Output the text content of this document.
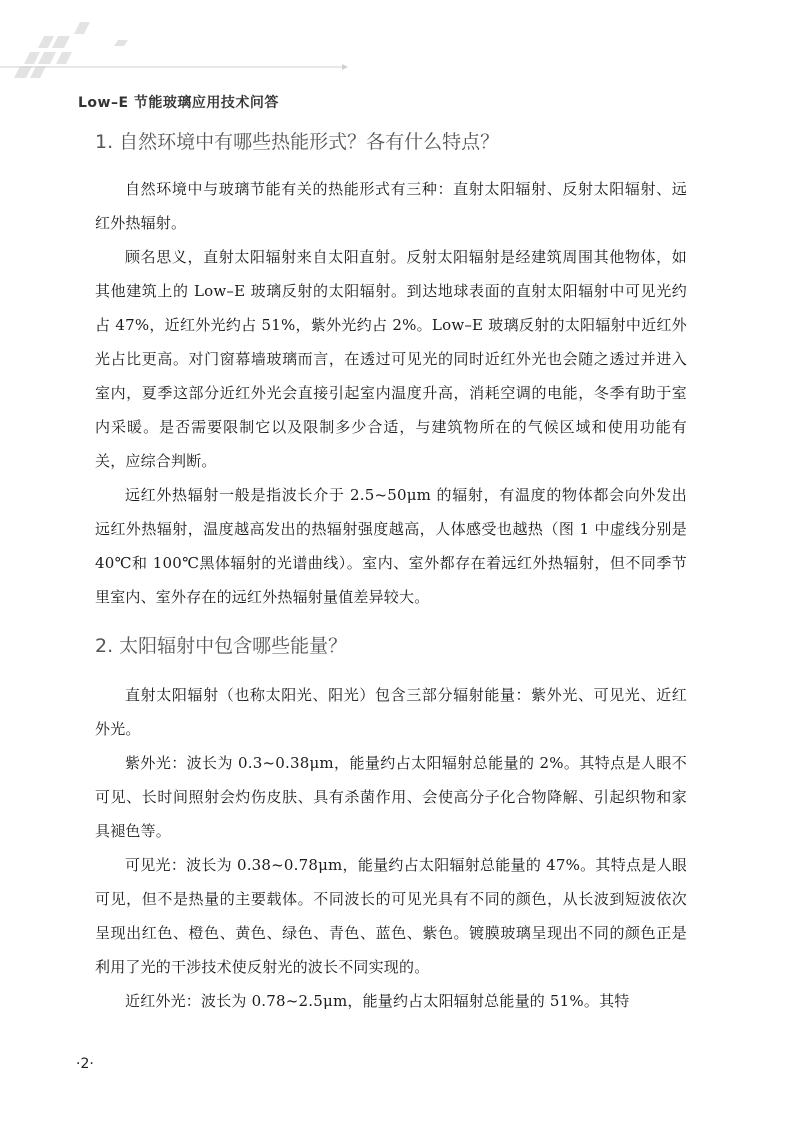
Low–E 节能玻璃应用技术问答
1. 自然环境中有哪些热能形式？各有什么特点？

自然环境中与玻璃节能有关的热能形式有三种：直射太阳辐射、反射太阳辐射、远红外热辐射。

顾名思义，直射太阳辐射来自太阳直射。反射太阳辐射是经建筑周围其他物体，如其他建筑上的 Low–E 玻璃反射的太阳辐射。到达地球表面的直射太阳辐射中可见光约占 47%，近红外光约占 51%，紫外光约占 2%。Low–E 玻璃反射的太阳辐射中近红外光占比更高。对门窗幕墙玻璃而言，在透过可见光的同时近红外光也会随之透过并进入室内，夏季这部分近红外光会直接引起室内温度升高，消耗空调的电能，冬季有助于室内采暖。是否需要限制它以及限制多少合适，与建筑物所在的气候区域和使用功能有关，应综合判断。

远红外热辐射一般是指波长介于 2.5~50μm 的辐射，有温度的物体都会向外发出远红外热辐射，温度越高发出的热辐射强度越高，人体感受也越热（图 1 中虚线分别是 40℃和 100℃黑体辐射的光谱曲线）。室内、室外都存在着远红外热辐射，但不同季节里室内、室外存在的远红外热辐射量值差异较大。

2. 太阳辐射中包含哪些能量？

直射太阳辐射（也称太阳光、阳光）包含三部分辐射能量：紫外光、可见光、近红外光。

紫外光：波长为 0.3~0.38μm，能量约占太阳辐射总能量的 2%。其特点是人眼不可见、长时间照射会灼伤皮肤、具有杀菌作用、会使高分子化合物降解、引起织物和家具褪色等。

可见光：波长为 0.38~0.78μm，能量约占太阳辐射总能量的 47%。其特点是人眼可见，但不是热量的主要载体。不同波长的可见光具有不同的颜色，从长波到短波依次呈现出红色、橙色、黄色、绿色、青色、蓝色、紫色。镀膜玻璃呈现出不同的颜色正是利用了光的干涉技术使反射光的波长不同实现的。

近红外光：波长为 0.78~2.5μm，能量约占太阳辐射总能量的 51%。其特

·2·
